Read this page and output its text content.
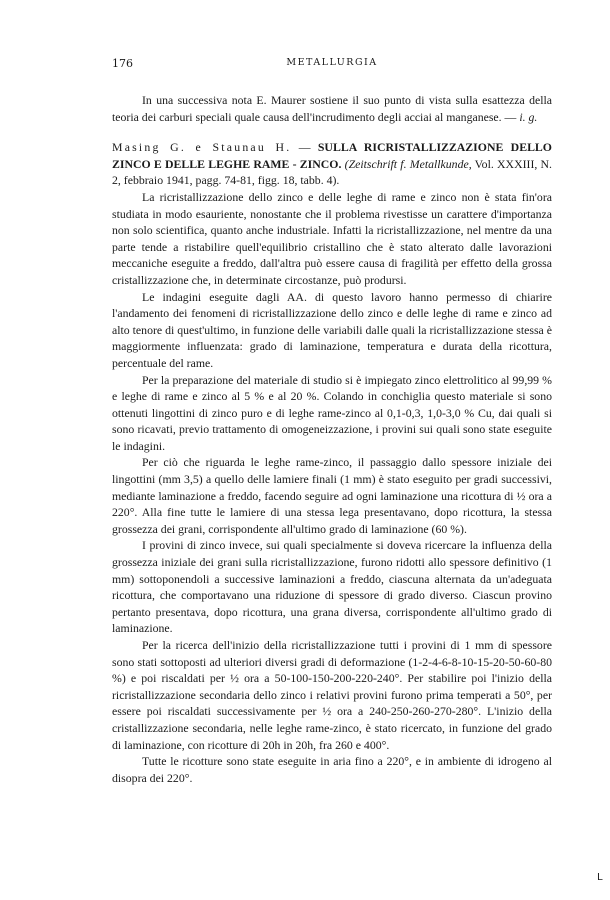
176	METALLURGIA

In una successiva nota E. Maurer sostiene il suo punto di vista sulla esattezza della teoria dei carburi speciali quale causa dell'incrudimento degli acciai al manganese. — i. g.

Masing G. e Staunau H. — SULLA RICRISTALLIZZAZIONE DELLO ZINCO E DELLE LEGHE RAME - ZINCO. (Zeitschrift f. Metallkunde, Vol. XXXIII, N. 2, febbraio 1941, pagg. 74-81, figg. 18, tabb. 4).

La ricristallizzazione dello zinco e delle leghe di rame e zinco non è stata fin'ora studiata in modo esauriente, nonostante che il problema rivestisse un carattere d'importanza non solo scientifica, quanto anche industriale. Infatti la ricristallizzazione, nel mentre da una parte tende a ristabilire quell'equilibrio cristallino che è stato alterato dalle lavorazioni meccaniche eseguite a freddo, dall'altra può essere causa di fragilità per effetto della grossa cristallizzazione che, in determinate circostanze, può prodursi.

Le indagini eseguite dagli AA. di questo lavoro hanno permesso di chiarire l'andamento dei fenomeni di ricristallizzazione dello zinco e delle leghe di rame e zinco ad alto tenore di quest'ultimo, in funzione delle variabili dalle quali la ricristallizzazione stessa è maggiormente influenzata: grado di laminazione, temperatura e durata della ricottura, percentuale del rame.

Per la preparazione del materiale di studio si è impiegato zinco elettrolitico al 99,99 % e leghe di rame e zinco al 5 % e al 20 %. Colando in conchiglia questo materiale si sono ottenuti lingottini di zinco puro e di leghe rame-zinco al 0,1-0,3, 1,0-3,0 % Cu, dai quali si sono ricavati, previo trattamento di omogeneizzazione, i provini sui quali sono state eseguite le indagini.

Per ciò che riguarda le leghe rame-zinco, il passaggio dallo spessore iniziale dei lingottini (mm 3,5) a quello delle lamiere finali (1 mm) è stato eseguito per gradi successivi, mediante laminazione a freddo, facendo seguire ad ogni laminazione una ricottura di ½ ora a 220°. Alla fine tutte le lamiere di una stessa lega presentavano, dopo ricottura, la stessa grossezza dei grani, corrispondente all'ultimo grado di laminazione (60 %).

I provini di zinco invece, sui quali specialmente si doveva ricercare la influenza della grossezza iniziale dei grani sulla ricristallizzazione, furono ridotti allo spessore definitivo (1 mm) sottoponendoli a successive laminazioni a freddo, ciascuna alternata da un'adeguata ricottura, che comportavano una riduzione di spessore di grado diverso. Ciascun provino pertanto presentava, dopo ricottura, una grana diversa, corrispondente all'ultimo grado di laminazione.

Per la ricerca dell'inizio della ricristallizzazione tutti i provini di 1 mm di spessore sono stati sottoposti ad ulteriori diversi gradi di deformazione (1-2-4-6-8-10-15-20-50-60-80 %) e poi riscaldati per ½ ora a 50-100-150-200-220-240°. Per stabilire poi l'inizio della ricristallizzazione secondaria dello zinco i relativi provini furono prima temperati a 50°, per essere poi riscaldati successivamente per ½ ora a 240-250-260-270-280°. L'inizio della cristallizzazione secondaria, nelle leghe rame-zinco, è stato ricercato, in funzione del grado di laminazione, con ricotture di 20h in 20h, fra 260 e 400°.

Tutte le ricotture sono state eseguite in aria fino a 220°, e in ambiente di idrogeno al disopra dei 220°.

L
